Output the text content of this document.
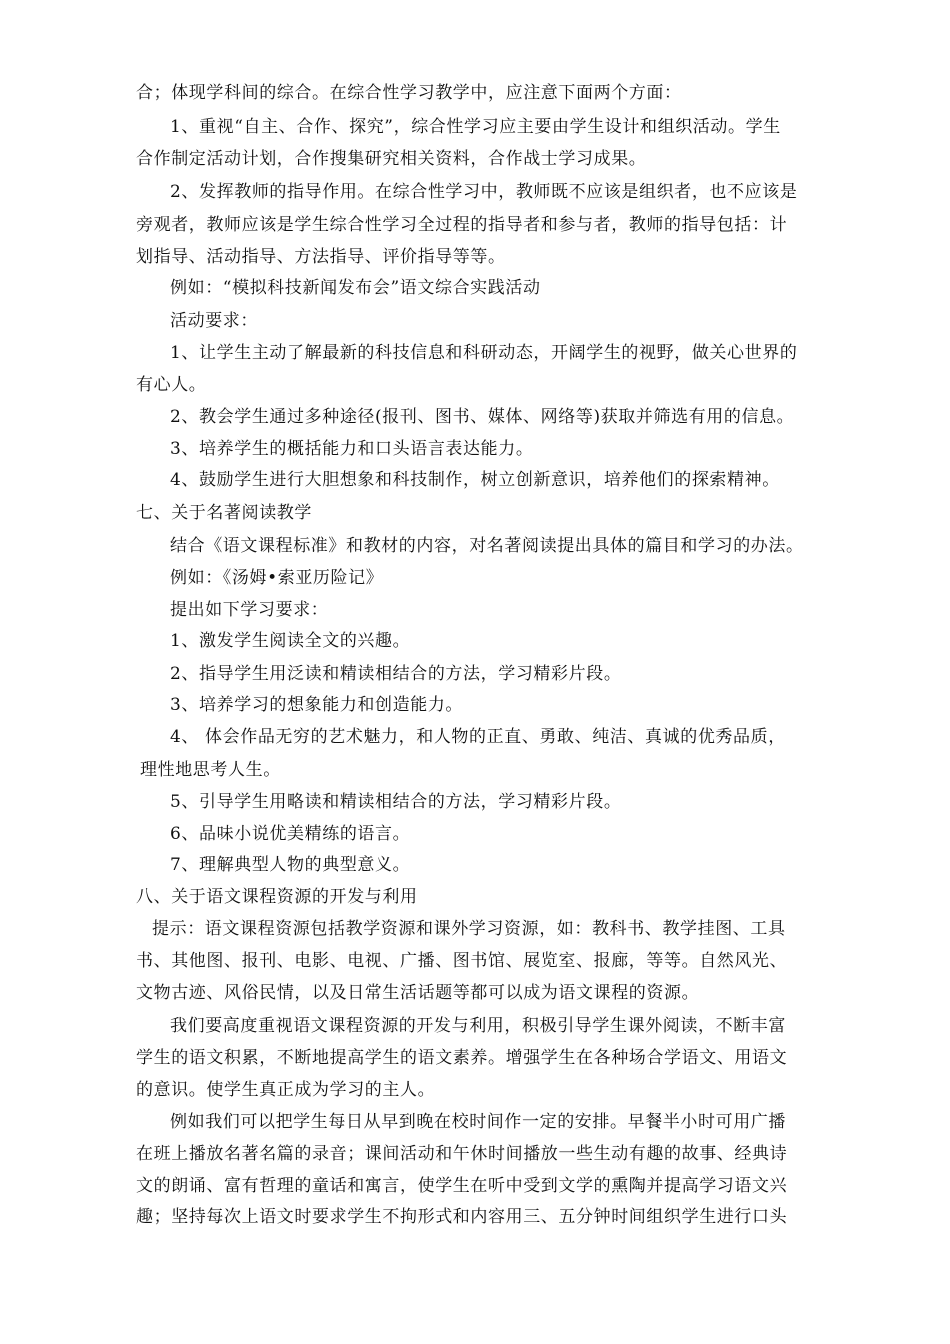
合；体现学科间的综合。在综合性学习教学中，应注意下面两个方面：
1、重视“自主、合作、探究”，综合性学习应主要由学生设计和组织活动。学生
合作制定活动计划，合作搜集研究相关资料，合作战士学习成果。
2、发挥教师的指导作用。在综合性学习中，教师既不应该是组织者，也不应该是
旁观者，教师应该是学生综合性学习全过程的指导者和参与者，教师的指导包括：计
划指导、活动指导、方法指导、评价指导等等。
例如：“模拟科技新闻发布会”语文综合实践活动
活动要求：
1、让学生主动了解最新的科技信息和科研动态，开阔学生的视野，做关心世界的
有心人。
2、教会学生通过多种途径(报刊、图书、媒体、网络等)获取并筛选有用的信息。
3、培养学生的概括能力和口头语言表达能力。
4、鼓励学生进行大胆想象和科技制作，树立创新意识，培养他们的探索精神。
七、关于名著阅读教学
结合《语文课程标准》和教材的内容，对名著阅读提出具体的篇目和学习的办法。
例如：《汤姆•索亚历险记》
提出如下学习要求：
1、激发学生阅读全文的兴趣。
2、指导学生用泛读和精读相结合的方法，学习精彩片段。
3、培养学习的想象能力和创造能力。
4、 体会作品无穷的艺术魅力，和人物的正直、勇敢、纯洁、真诚的优秀品质，
理性地思考人生。
5、引导学生用略读和精读相结合的方法，学习精彩片段。
6、品味小说优美精练的语言。
7、理解典型人物的典型意义。
八、关于语文课程资源的开发与利用
提示：语文课程资源包括教学资源和课外学习资源，如：教科书、教学挂图、工具
书、其他图、报刊、电影、电视、广播、图书馆、展览室、报廊，等等。自然风光、
文物古迹、风俗民情，以及日常生活话题等都可以成为语文课程的资源。
我们要高度重视语文课程资源的开发与利用，积极引导学生课外阅读，不断丰富
学生的语文积累，不断地提高学生的语文素养。增强学生在各种场合学语文、用语文
的意识。使学生真正成为学习的主人。
例如我们可以把学生每日从早到晚在校时间作一定的安排。早餐半小时可用广播
在班上播放名著名篇的录音；课间活动和午休时间播放一些生动有趣的故事、经典诗
文的朗诵、富有哲理的童话和寓言，使学生在听中受到文学的熏陶并提高学习语文兴
趣；坚持每次上语文时要求学生不拘形式和内容用三、五分钟时间组织学生进行口头
